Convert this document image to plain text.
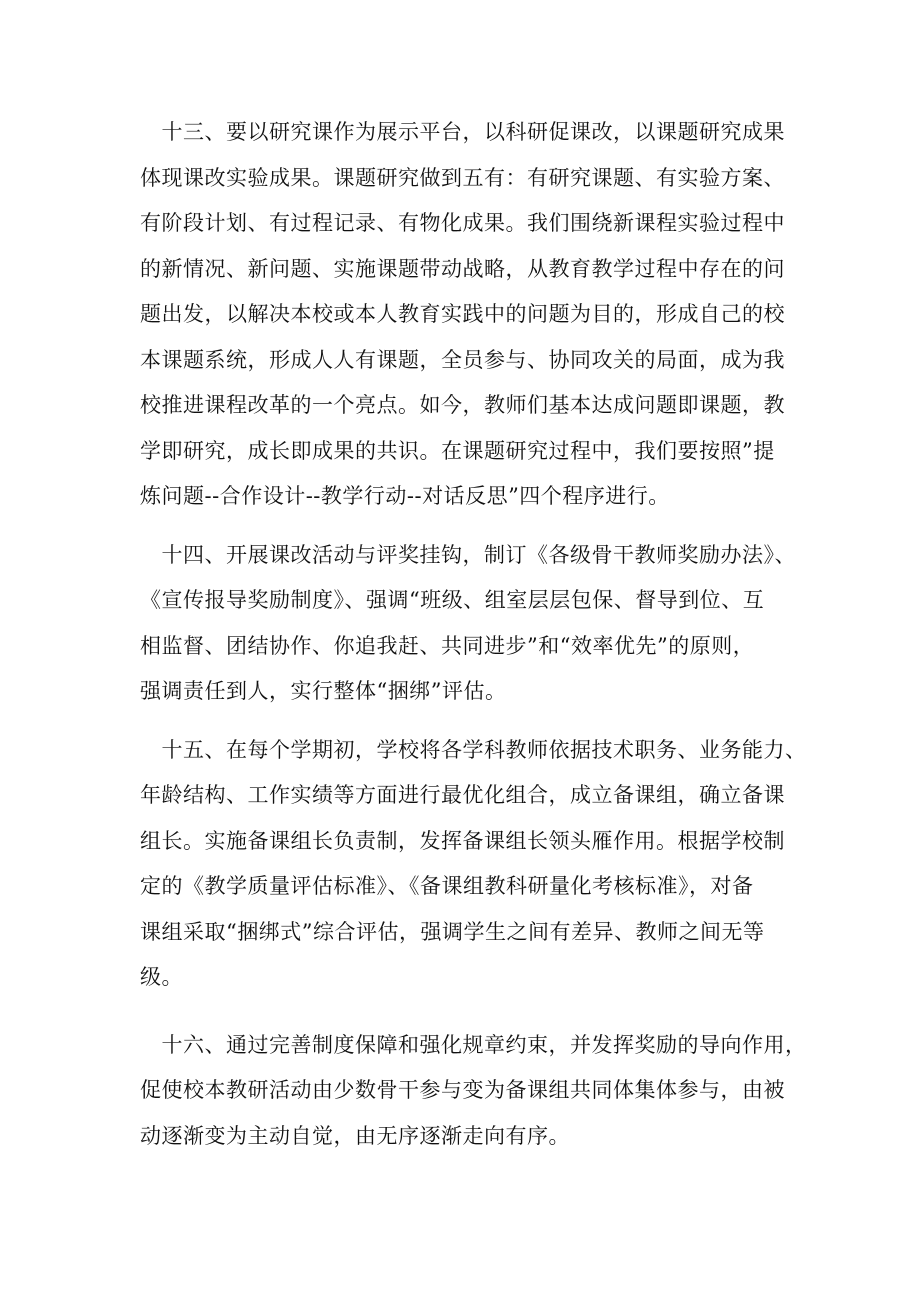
　十三、要以研究课作为展示平台，以科研促课改，以课题研究成果
体现课改实验成果。课题研究做到五有：有研究课题、有实验方案、
有阶段计划、有过程记录、有物化成果。我们围绕新课程实验过程中
的新情况、新问题、实施课题带动战略，从教育教学过程中存在的问
题出发，以解决本校或本人教育实践中的问题为目的，形成自己的校
本课题系统，形成人人有课题，全员参与、协同攻关的局面，成为我
校推进课程改革的一个亮点。如今，教师们基本达成问题即课题，教
学即研究，成长即成果的共识。在课题研究过程中，我们要按照”提
炼问题--合作设计--教学行动--对话反思”四个程序进行。
　十四、开展课改活动与评奖挂钩，制订《各级骨干教师奖励办法》、
《宣传报导奖励制度》、强调“班级、组室层层包保、督导到位、互
相监督、团结协作、你追我赶、共同进步”和“效率优先”的原则，
强调责任到人，实行整体“捆绑”评估。
　十五、在每个学期初，学校将各学科教师依据技术职务、业务能力、
年龄结构、工作实绩等方面进行最优化组合，成立备课组，确立备课
组长。实施备课组长负责制，发挥备课组长领头雁作用。根据学校制
定的《教学质量评估标准》、《备课组教科研量化考核标准》，对备
课组采取“捆绑式”综合评估，强调学生之间有差异、教师之间无等
级。
　十六、通过完善制度保障和强化规章约束，并发挥奖励的导向作用，
促使校本教研活动由少数骨干参与变为备课组共同体集体参与，由被
动逐渐变为主动自觉，由无序逐渐走向有序。
